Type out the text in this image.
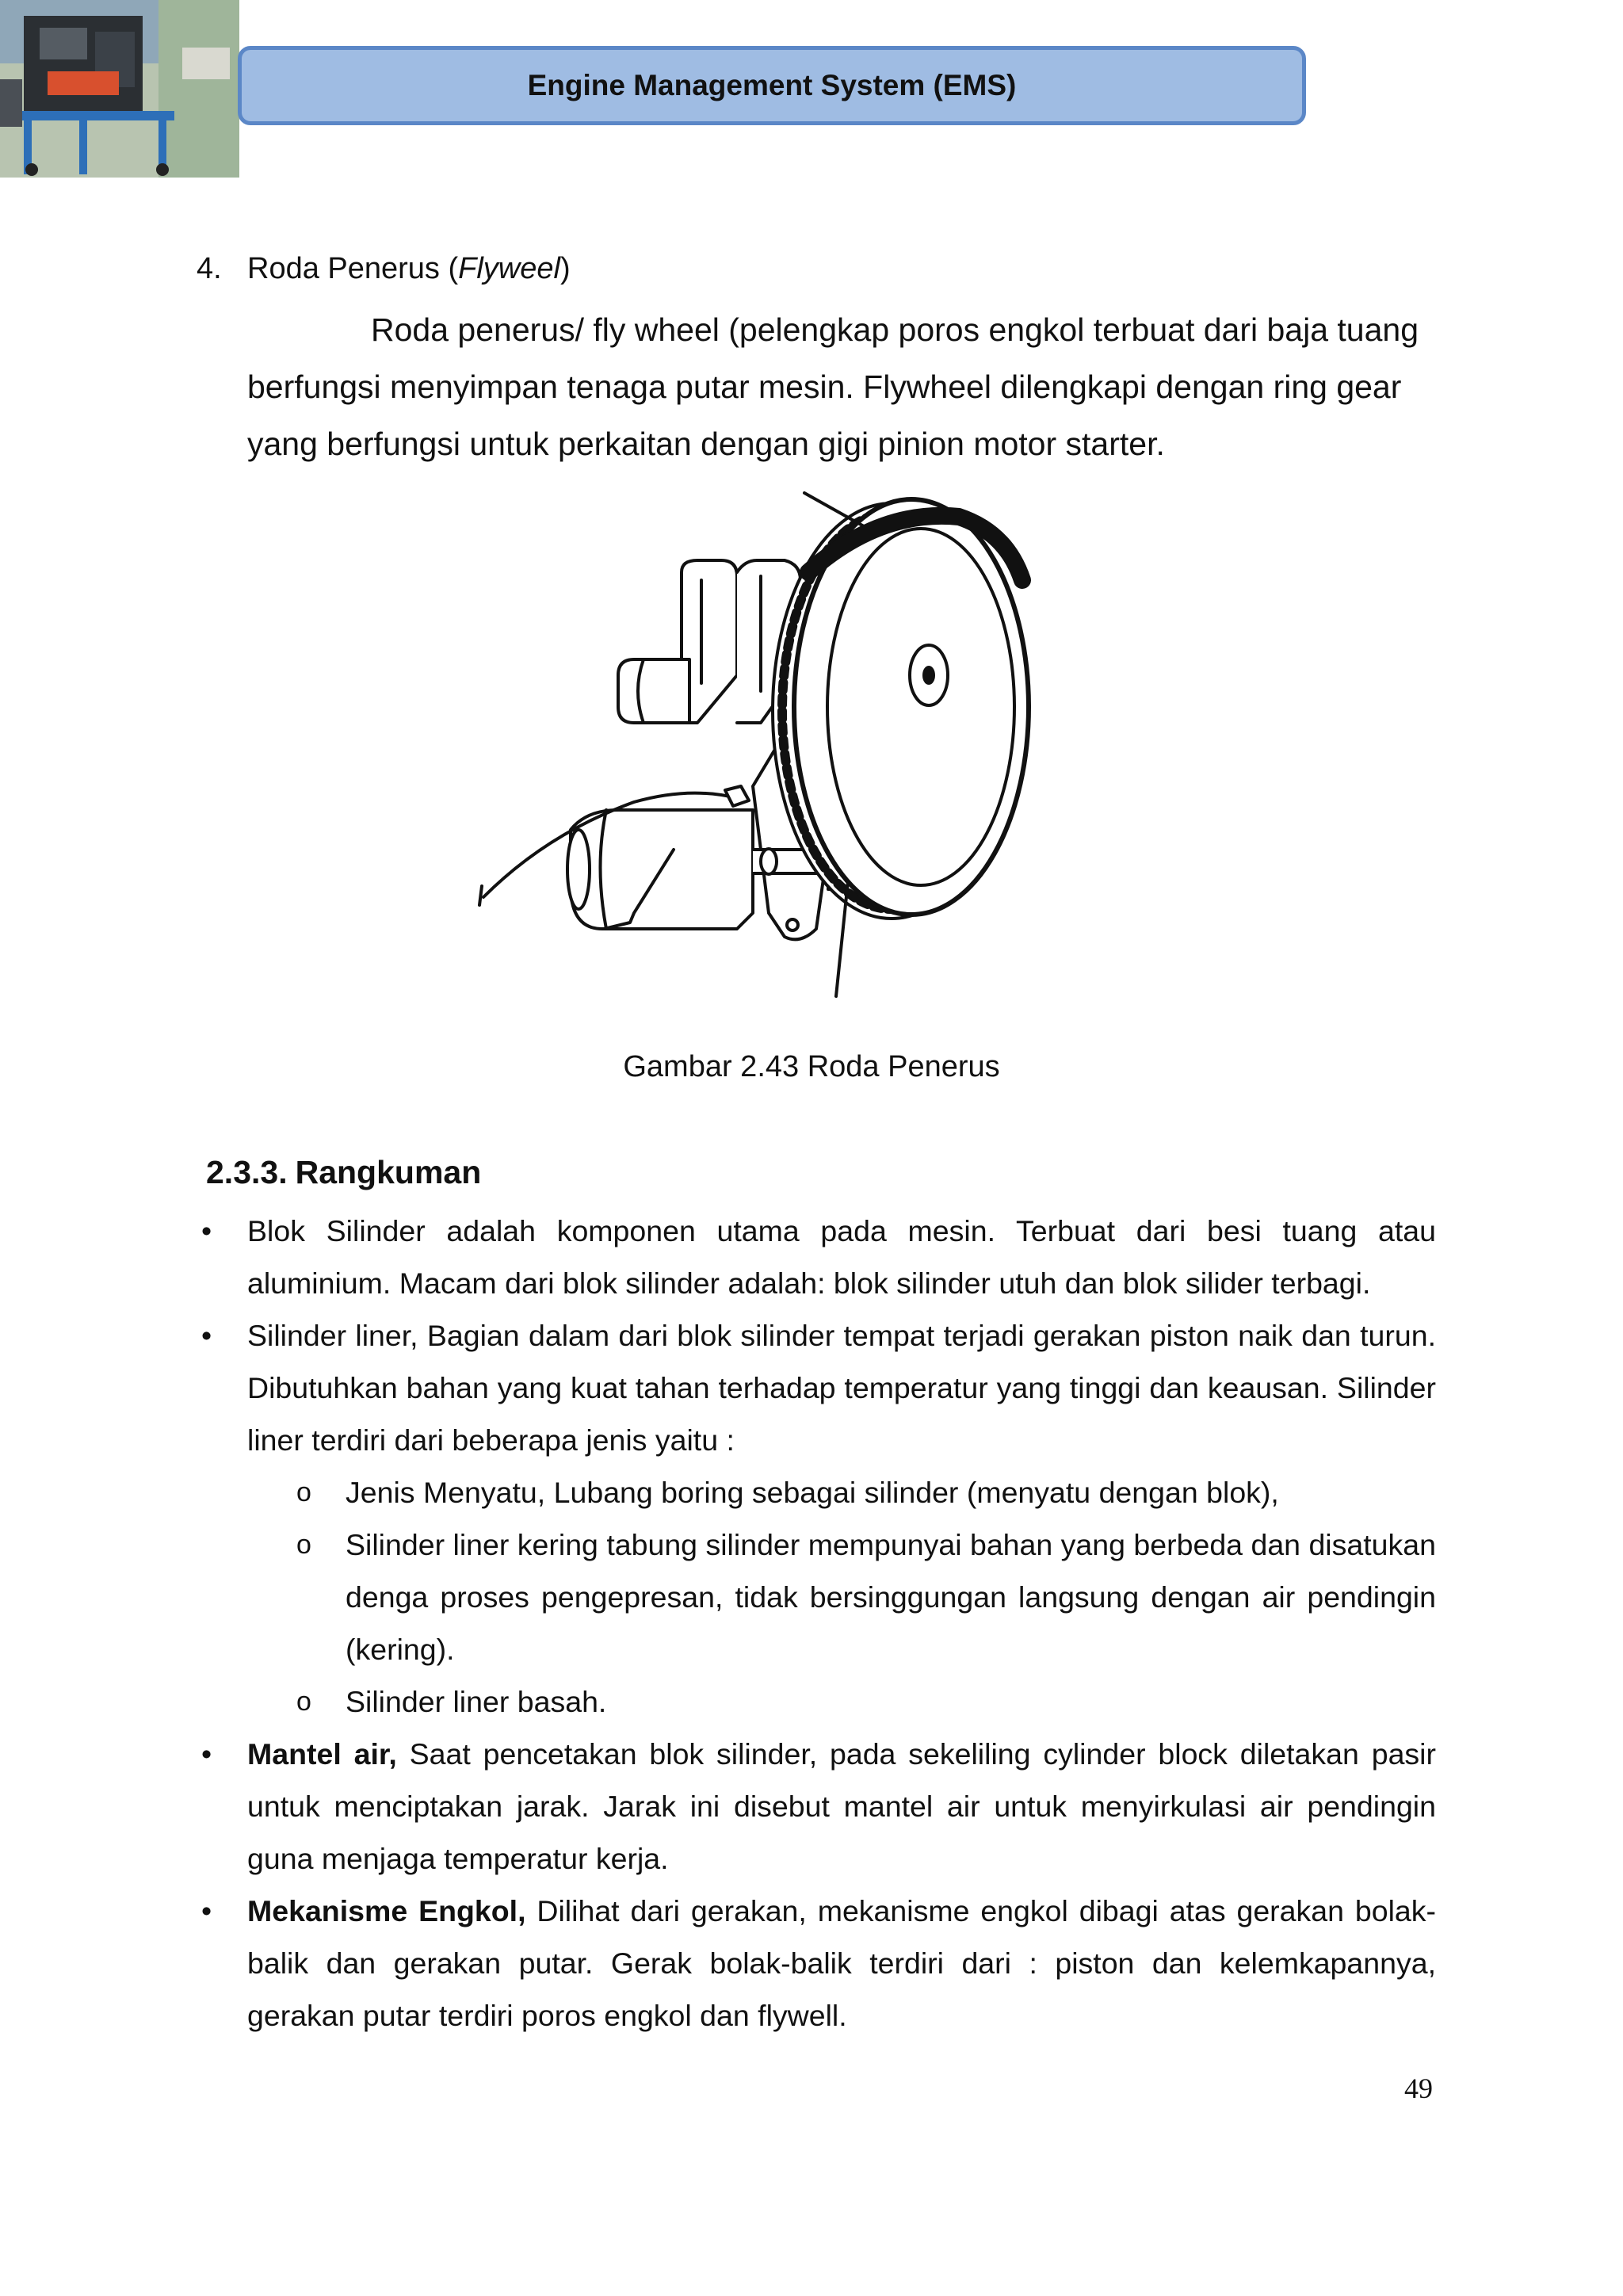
Engine Management System (EMS)
4. Roda Penerus (Flyweel)
Roda penerus/ fly wheel (pelengkap poros engkol terbuat dari baja tuang berfungsi menyimpan tenaga putar mesin. Flywheel dilengkapi dengan ring gear yang berfungsi untuk perkaitan dengan gigi pinion motor starter.
Gambar 2.43 Roda Penerus
2.3.3. Rangkuman
• Blok Silinder adalah komponen utama pada mesin. Terbuat dari besi tuang atau aluminium. Macam dari blok silinder adalah: blok silinder utuh dan blok silider terbagi.
• Silinder liner, Bagian dalam dari blok silinder tempat terjadi gerakan piston naik dan turun. Dibutuhkan bahan yang kuat tahan terhadap temperatur yang tinggi dan keausan. Silinder liner terdiri dari beberapa jenis yaitu :
o Jenis Menyatu, Lubang boring sebagai silinder (menyatu dengan blok),
o Silinder liner kering tabung silinder mempunyai bahan yang berbeda dan disatukan denga proses pengepresan, tidak bersinggungan langsung dengan air pendingin (kering).
o Silinder liner basah.
• Mantel air, Saat pencetakan blok silinder, pada sekeliling cylinder block diletakan pasir untuk menciptakan jarak. Jarak ini disebut mantel air untuk menyirkulasi air pendingin guna menjaga temperatur kerja.
• Mekanisme Engkol, Dilihat dari gerakan, mekanisme engkol dibagi atas gerakan bolak-balik dan gerakan putar. Gerak bolak-balik terdiri dari : piston dan kelemkapannya, gerakan putar terdiri poros engkol dan flywell.
49
